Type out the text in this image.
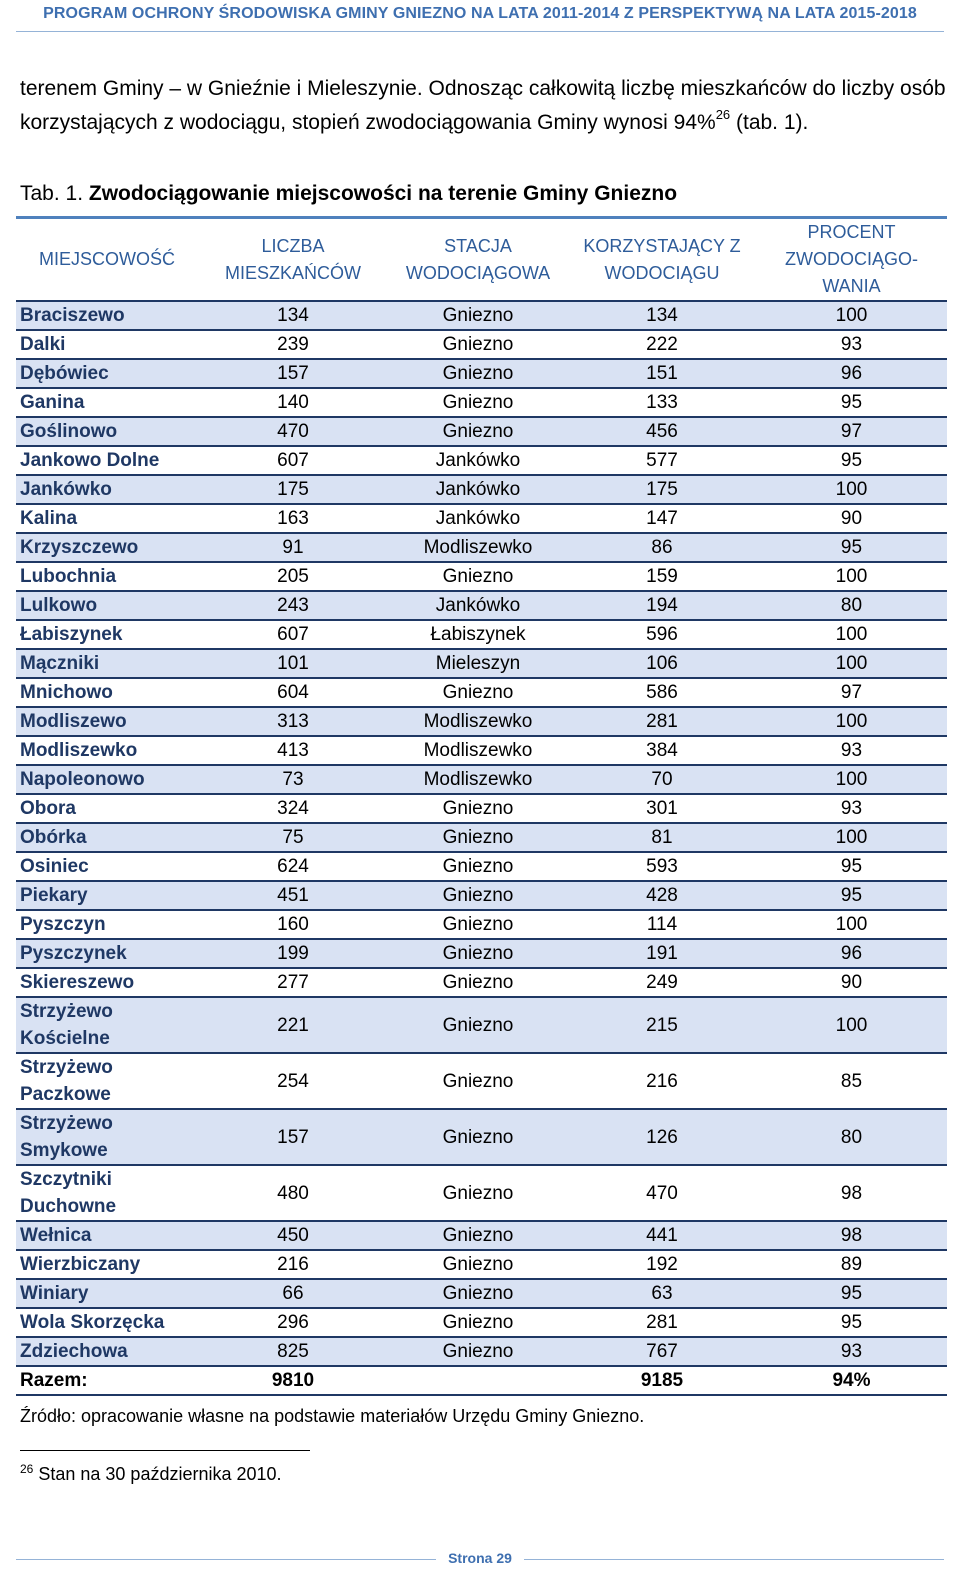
PROGRAM OCHRONY ŚRODOWISKA GMINY GNIEZNO NA LATA 2011-2014 Z PERSPEKTYWĄ NA LATA 2015-2018
terenem Gminy – w Gnieźnie i Mieleszynie. Odnosząc całkowitą liczbę mieszkańców do liczby osób korzystających z wodociągu, stopień zwodociągowania Gminy wynosi 94%$^{26}$ (tab. 1).
Tab. 1. Zwodociągowanie miejscowości na terenie Gminy Gniezno
MIEJSCOWOŚĆ	LICZBA MIESZKAŃCÓW	STACJA WODOCIĄGOWA	KORZYSTAJĄCY Z WODOCIĄGU	PROCENT ZWODOCIĄGO-WANIA
Braciszewo	134	Gniezno	134	100
Dalki	239	Gniezno	222	93
Dębówiec	157	Gniezno	151	96
Ganina	140	Gniezno	133	95
Goślinowo	470	Gniezno	456	97
Jankowo Dolne	607	Jankówko	577	95
Jankówko	175	Jankówko	175	100
Kalina	163	Jankówko	147	90
Krzyszczewo	91	Modliszewko	86	95
Lubochnia	205	Gniezno	159	100
Lulkowo	243	Jankówko	194	80
Łabiszynek	607	Łabiszynek	596	100
Mączniki	101	Mieleszyn	106	100
Mnichowo	604	Gniezno	586	97
Modliszewo	313	Modliszewko	281	100
Modliszewko	413	Modliszewko	384	93
Napoleonowo	73	Modliszewko	70	100
Obora	324	Gniezno	301	93
Obórka	75	Gniezno	81	100
Osiniec	624	Gniezno	593	95
Piekary	451	Gniezno	428	95
Pyszczyn	160	Gniezno	114	100
Pyszczynek	199	Gniezno	191	96
Skiereszewo	277	Gniezno	249	90
Strzyżewo Kościelne	221	Gniezno	215	100
Strzyżewo Paczkowe	254	Gniezno	216	85
Strzyżewo Smykowe	157	Gniezno	126	80
Szczytniki Duchowne	480	Gniezno	470	98
Wełnica	450	Gniezno	441	98
Wierzbiczany	216	Gniezno	192	89
Winiary	66	Gniezno	63	95
Wola Skorzęcka	296	Gniezno	281	95
Zdziechowa	825	Gniezno	767	93
Razem:	9810		9185	94%
Źródło: opracowanie własne na podstawie materiałów Urzędu Gminy Gniezno.
$^{26}$ Stan na 30 października 2010.
Strona 29
